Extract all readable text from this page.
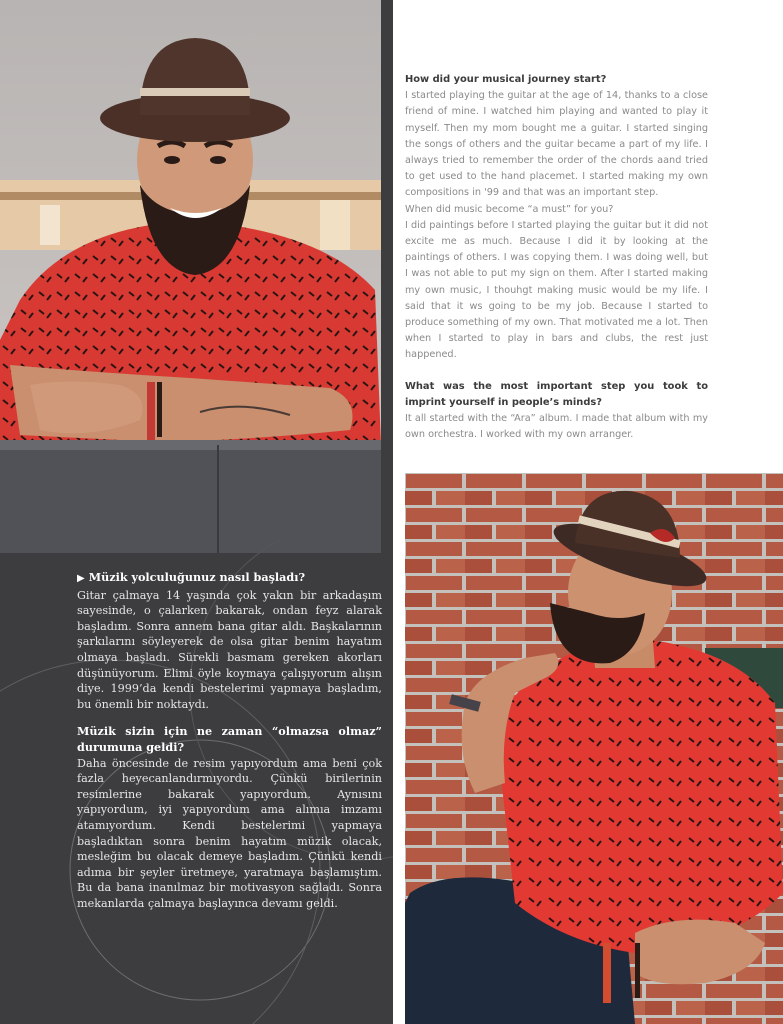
▶ Müzik yolculuğunuz nasıl başladı?

Gitar çalmaya 14 yaşında çok yakın bir arkadaşım sayesinde, o çalarken bakarak, ondan feyz alarak başladım. Sonra annem bana gitar aldı. Başkalarının şarkılarını söyleyerek de olsa gitar benim hayatım olmaya başladı. Sürekli basmam gereken akorları düşünüyorum. Elimi öyle koymaya çalışıyorum alışın diye. 1999’da kendi bestelerimi yapmaya başladım, bu önemli bir noktaydı.

Müzik sizin için ne zaman “olmazsa olmaz” durumuna geldi?

Daha öncesinde de resim yapıyordum ama beni çok fazla heyecanlandırmıyordu. Çünkü birilerinin resimlerine bakarak yapıyordum. Aynısını yapıyordum, iyi yapıyordum ama alımıa imzamı atamıyordum. Kendi bestelerimi yapmaya başladıktan sonra benim hayatım müzik olacak, mesleğim bu olacak demeye başladım. Çünkü kendi adıma bir şeyler üretmeye, yaratmaya başlamıştım. Bu da bana inanılmaz bir motivasyon sağladı. Sonra mekanlarda çalmaya başlayınca devamı geldi.

How did your musical journey start?

I started playing the guitar at the age of 14, thanks to a close friend of mine. I watched him playing and wanted to play it myself. Then my mom bought me a guitar. I started singing the songs of others and the guitar became a part of my life. I always tried to remember the order of the chords aand tried to get used to the hand placemet. I started making my own compositions in '99 and that was an important step.

When did music become “a must” for you?

I did paintings before I started playing the guitar but it did not excite me as much. Because I did it by looking at the paintings of others. I was copying them. I was doing well, but I was not able to put my sign on them. After I started making my own music, I thouhgt making music would be my life. I said that it ws going to be my job. Because I started to produce something of my own. That motivated me a lot. Then when I started to play in bars and clubs, the rest just happened.

What was the most important step you took to imprint yourself in people’s minds?

It all started with the “Ara” album. I made that album with my own orchestra. I worked with my own arranger.
